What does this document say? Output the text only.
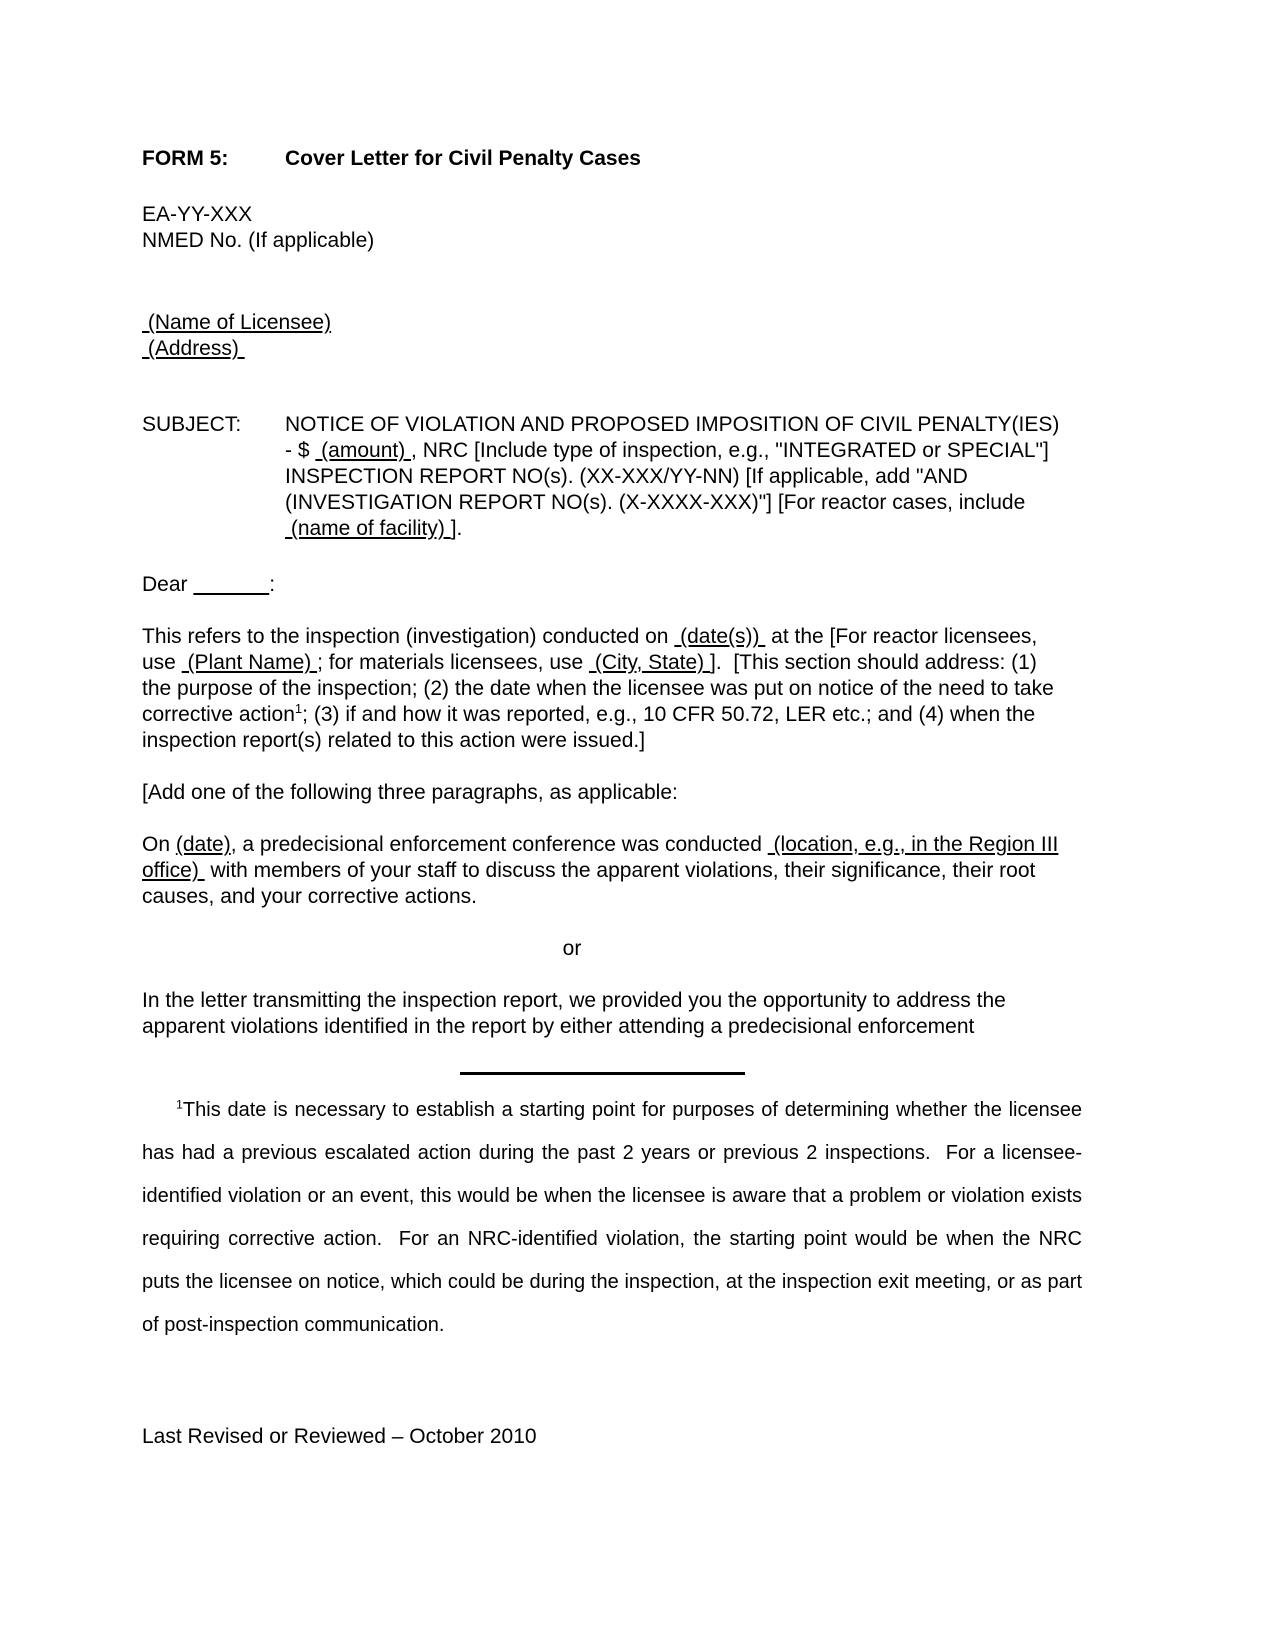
FORM 5:	Cover Letter for Civil Penalty Cases
EA-YY-XXX
NMED No. (If applicable)
(Name of Licensee)
(Address)
SUBJECT:	NOTICE OF VIOLATION AND PROPOSED IMPOSITION OF CIVIL PENALTY(IES) - $  (amount) , NRC [Include type of inspection, e.g., "INTEGRATED or SPECIAL"] INSPECTION REPORT NO(s). (XX-XXX/YY-NN) [If applicable, add "AND (INVESTIGATION REPORT NO(s). (X-XXXX-XXX)"] [For reactor cases, include  (name of facility) ].
Dear	:
This refers to the inspection (investigation) conducted on  (date(s))  at the [For reactor licensees, use  (Plant Name) ; for materials licensees, use  (City, State) ].  [This section should address: (1) the purpose of the inspection; (2) the date when the licensee was put on notice of the need to take corrective action$^1$; (3) if and how it was reported, e.g., 10 CFR 50.72, LER etc.; and (4) when the inspection report(s) related to this action were issued.]
[Add one of the following three paragraphs, as applicable:
On (date), a predecisional enforcement conference was conducted  (location, e.g., in the Region III office)  with members of your staff to discuss the apparent violations, their significance, their root causes, and your corrective actions.
or
In the letter transmitting the inspection report, we provided you the opportunity to address the apparent violations identified in the report by either attending a predecisional enforcement
$^1$This date is necessary to establish a starting point for purposes of determining whether the licensee has had a previous escalated action during the past 2 years or previous 2 inspections.  For a licensee-identified violation or an event, this would be when the licensee is aware that a problem or violation exists requiring corrective action.  For an NRC-identified violation, the starting point would be when the NRC puts the licensee on notice, which could be during the inspection, at the inspection exit meeting, or as part of post-inspection communication.
Last Revised or Reviewed – October 2010
